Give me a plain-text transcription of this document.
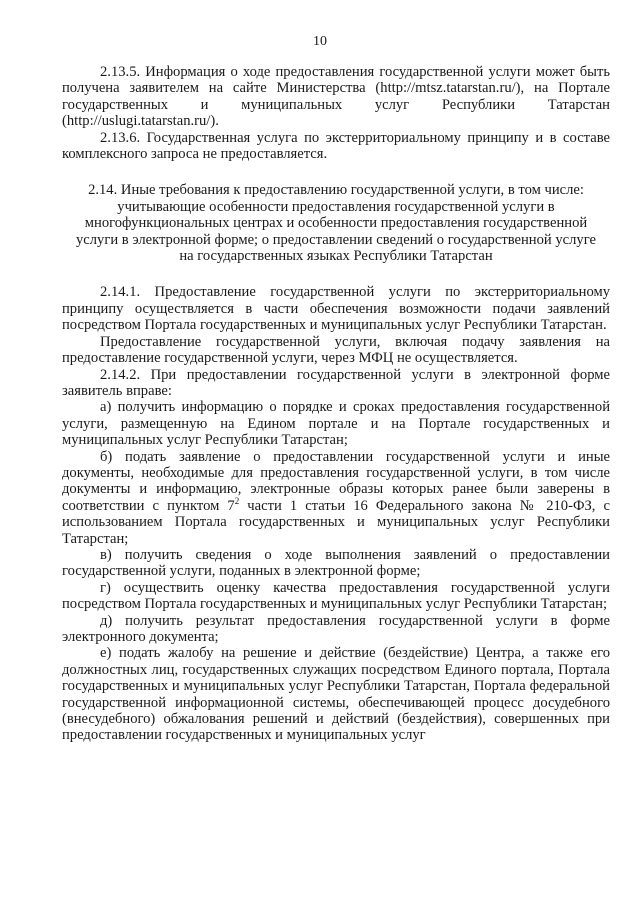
10

2.13.5. Информация о ходе предоставления государственной услуги может быть получена заявителем на сайте Министерства (http://mtsz.tatarstan.ru/), на Портале государственных и муниципальных услуг Республики Татарстан (http://uslugi.tatarstan.ru/).

2.13.6. Государственная услуга по экстерриториальному принципу и в составе комплексного запроса не предоставляется.

2.14. Иные требования к предоставлению государственной услуги, в том числе:
учитывающие особенности предоставления государственной услуги в
многофункциональных центрах и особенности предоставления государственной
услуги в электронной форме; о предоставлении сведений о государственной услуге
на государственных языках Республики Татарстан

2.14.1. Предоставление государственной услуги по экстерриториальному принципу осуществляется в части обеспечения возможности подачи заявлений посредством Портала государственных и муниципальных услуг Республики Татарстан.

Предоставление государственной услуги, включая подачу заявления на предоставление государственной услуги, через МФЦ не осуществляется.

2.14.2. При предоставлении государственной услуги в электронной форме заявитель вправе:

а) получить информацию о порядке и сроках предоставления государственной услуги, размещенную на Едином портале и на Портале государственных и муниципальных услуг Республики Татарстан;

б) подать заявление о предоставлении государственной услуги и иные документы, необходимые для предоставления государственной услуги, в том числе документы и информацию, электронные образы которых ранее были заверены в соответствии с пунктом $7^2$ части 1 статьи 16 Федерального закона № 210-ФЗ, с использованием Портала государственных и муниципальных услуг Республики Татарстан;

в) получить сведения о ходе выполнения заявлений о предоставлении государственной услуги, поданных в электронной форме;

г) осуществить оценку качества предоставления государственной услуги посредством Портала государственных и муниципальных услуг Республики Татарстан;

д) получить результат предоставления государственной услуги в форме электронного документа;

е) подать жалобу на решение и действие (бездействие) Центра, а также его должностных лиц, государственных служащих посредством Единого портала, Портала государственных и муниципальных услуг Республики Татарстан, Портала федеральной государственной информационной системы, обеспечивающей процесс досудебного (внесудебного) обжалования решений и действий (бездействия), совершенных при предоставлении государственных и муниципальных услуг
